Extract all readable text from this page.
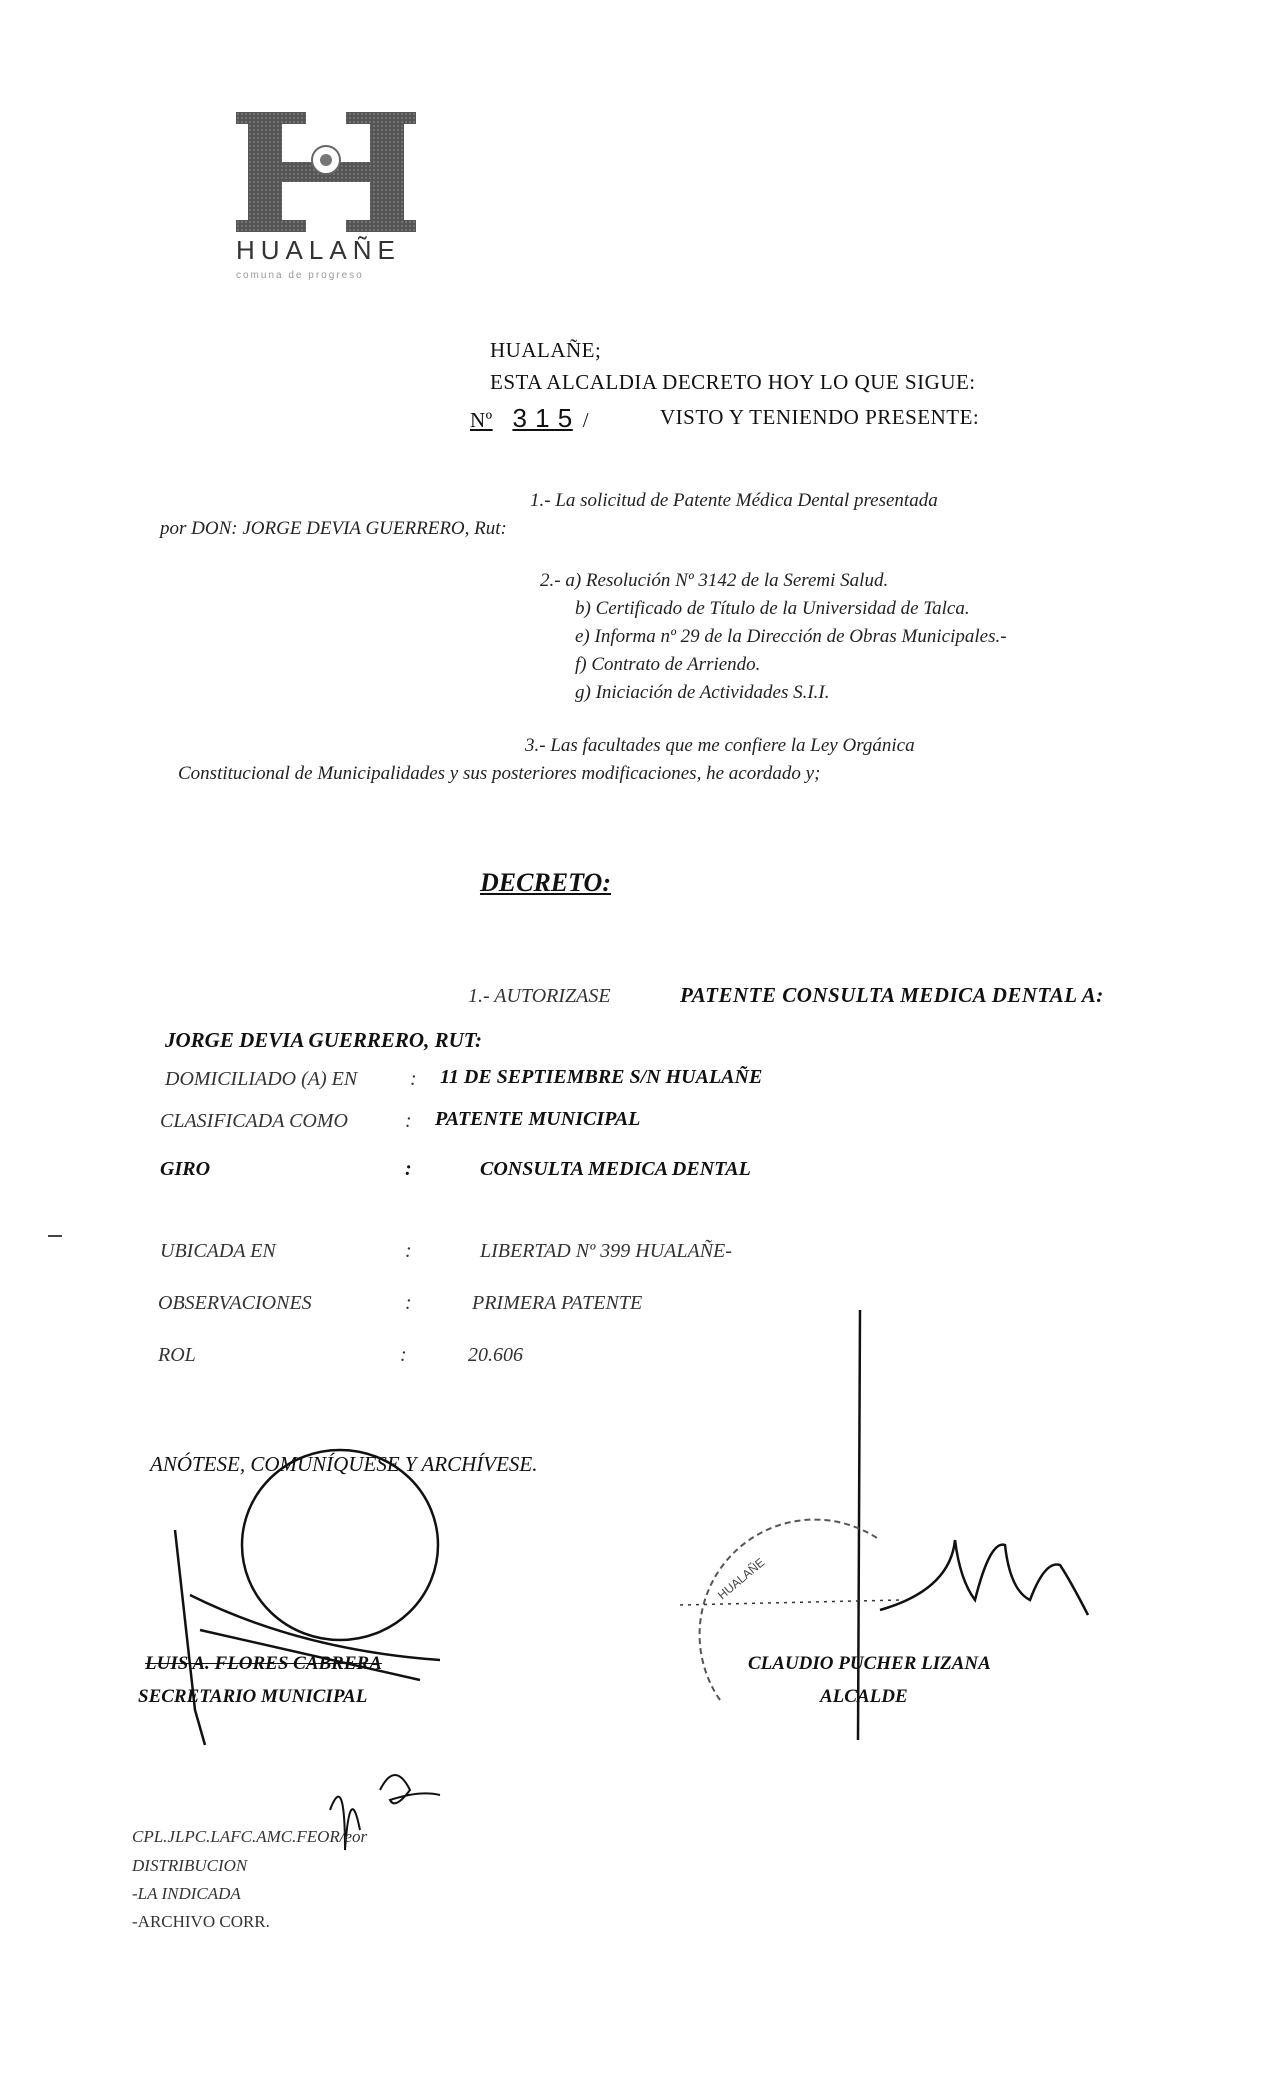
HUALAÑE
comuna de progreso
HUALAÑE;
ESTA ALCALDIA DECRETO HOY LO QUE SIGUE:
Nº 3 1 5 /	VISTO Y TENIENDO PRESENTE:
1.- La solicitud de Patente Médica Dental presentada
por DON: JORGE DEVIA GUERRERO, Rut:
2.- a) Resolución Nº 3142 de la Seremi Salud.
b) Certificado de Título de la Universidad de Talca.
e) Informa nº 29 de la Dirección de Obras Municipales.-
f) Contrato de Arriendo.
g) Iniciación de Actividades S.I.I.
3.- Las facultades que me confiere la Ley Orgánica
Constitucional de Municipalidades y sus posteriores modificaciones, he acordado y;
DECRETO:
1.- AUTORIZASE	PATENTE CONSULTA MEDICA DENTAL A:
JORGE DEVIA GUERRERO, RUT:
DOMICILIADO (A) EN	: 11 DE SEPTIEMBRE S/N HUALAÑE
CLASIFICADA COMO	: PATENTE MUNICIPAL
GIRO	:	CONSULTA MEDICA DENTAL
UBICADA EN	:	LIBERTAD Nº 399 HUALAÑE-
OBSERVACIONES	:	PRIMERA PATENTE
ROL	:	20.606
ANÓTESE, COMUNÍQUESE Y ARCHÍVESE.
HUALAÑE
LUIS A. FLORES CABRERA
SECRETARIO MUNICIPAL
CLAUDIO PUCHER LIZANA
ALCALDE
CPL.JLPC.LAFC.AMC.FEOR/eor
DISTRIBUCION
-LA INDICADA
-ARCHIVO CORR.
